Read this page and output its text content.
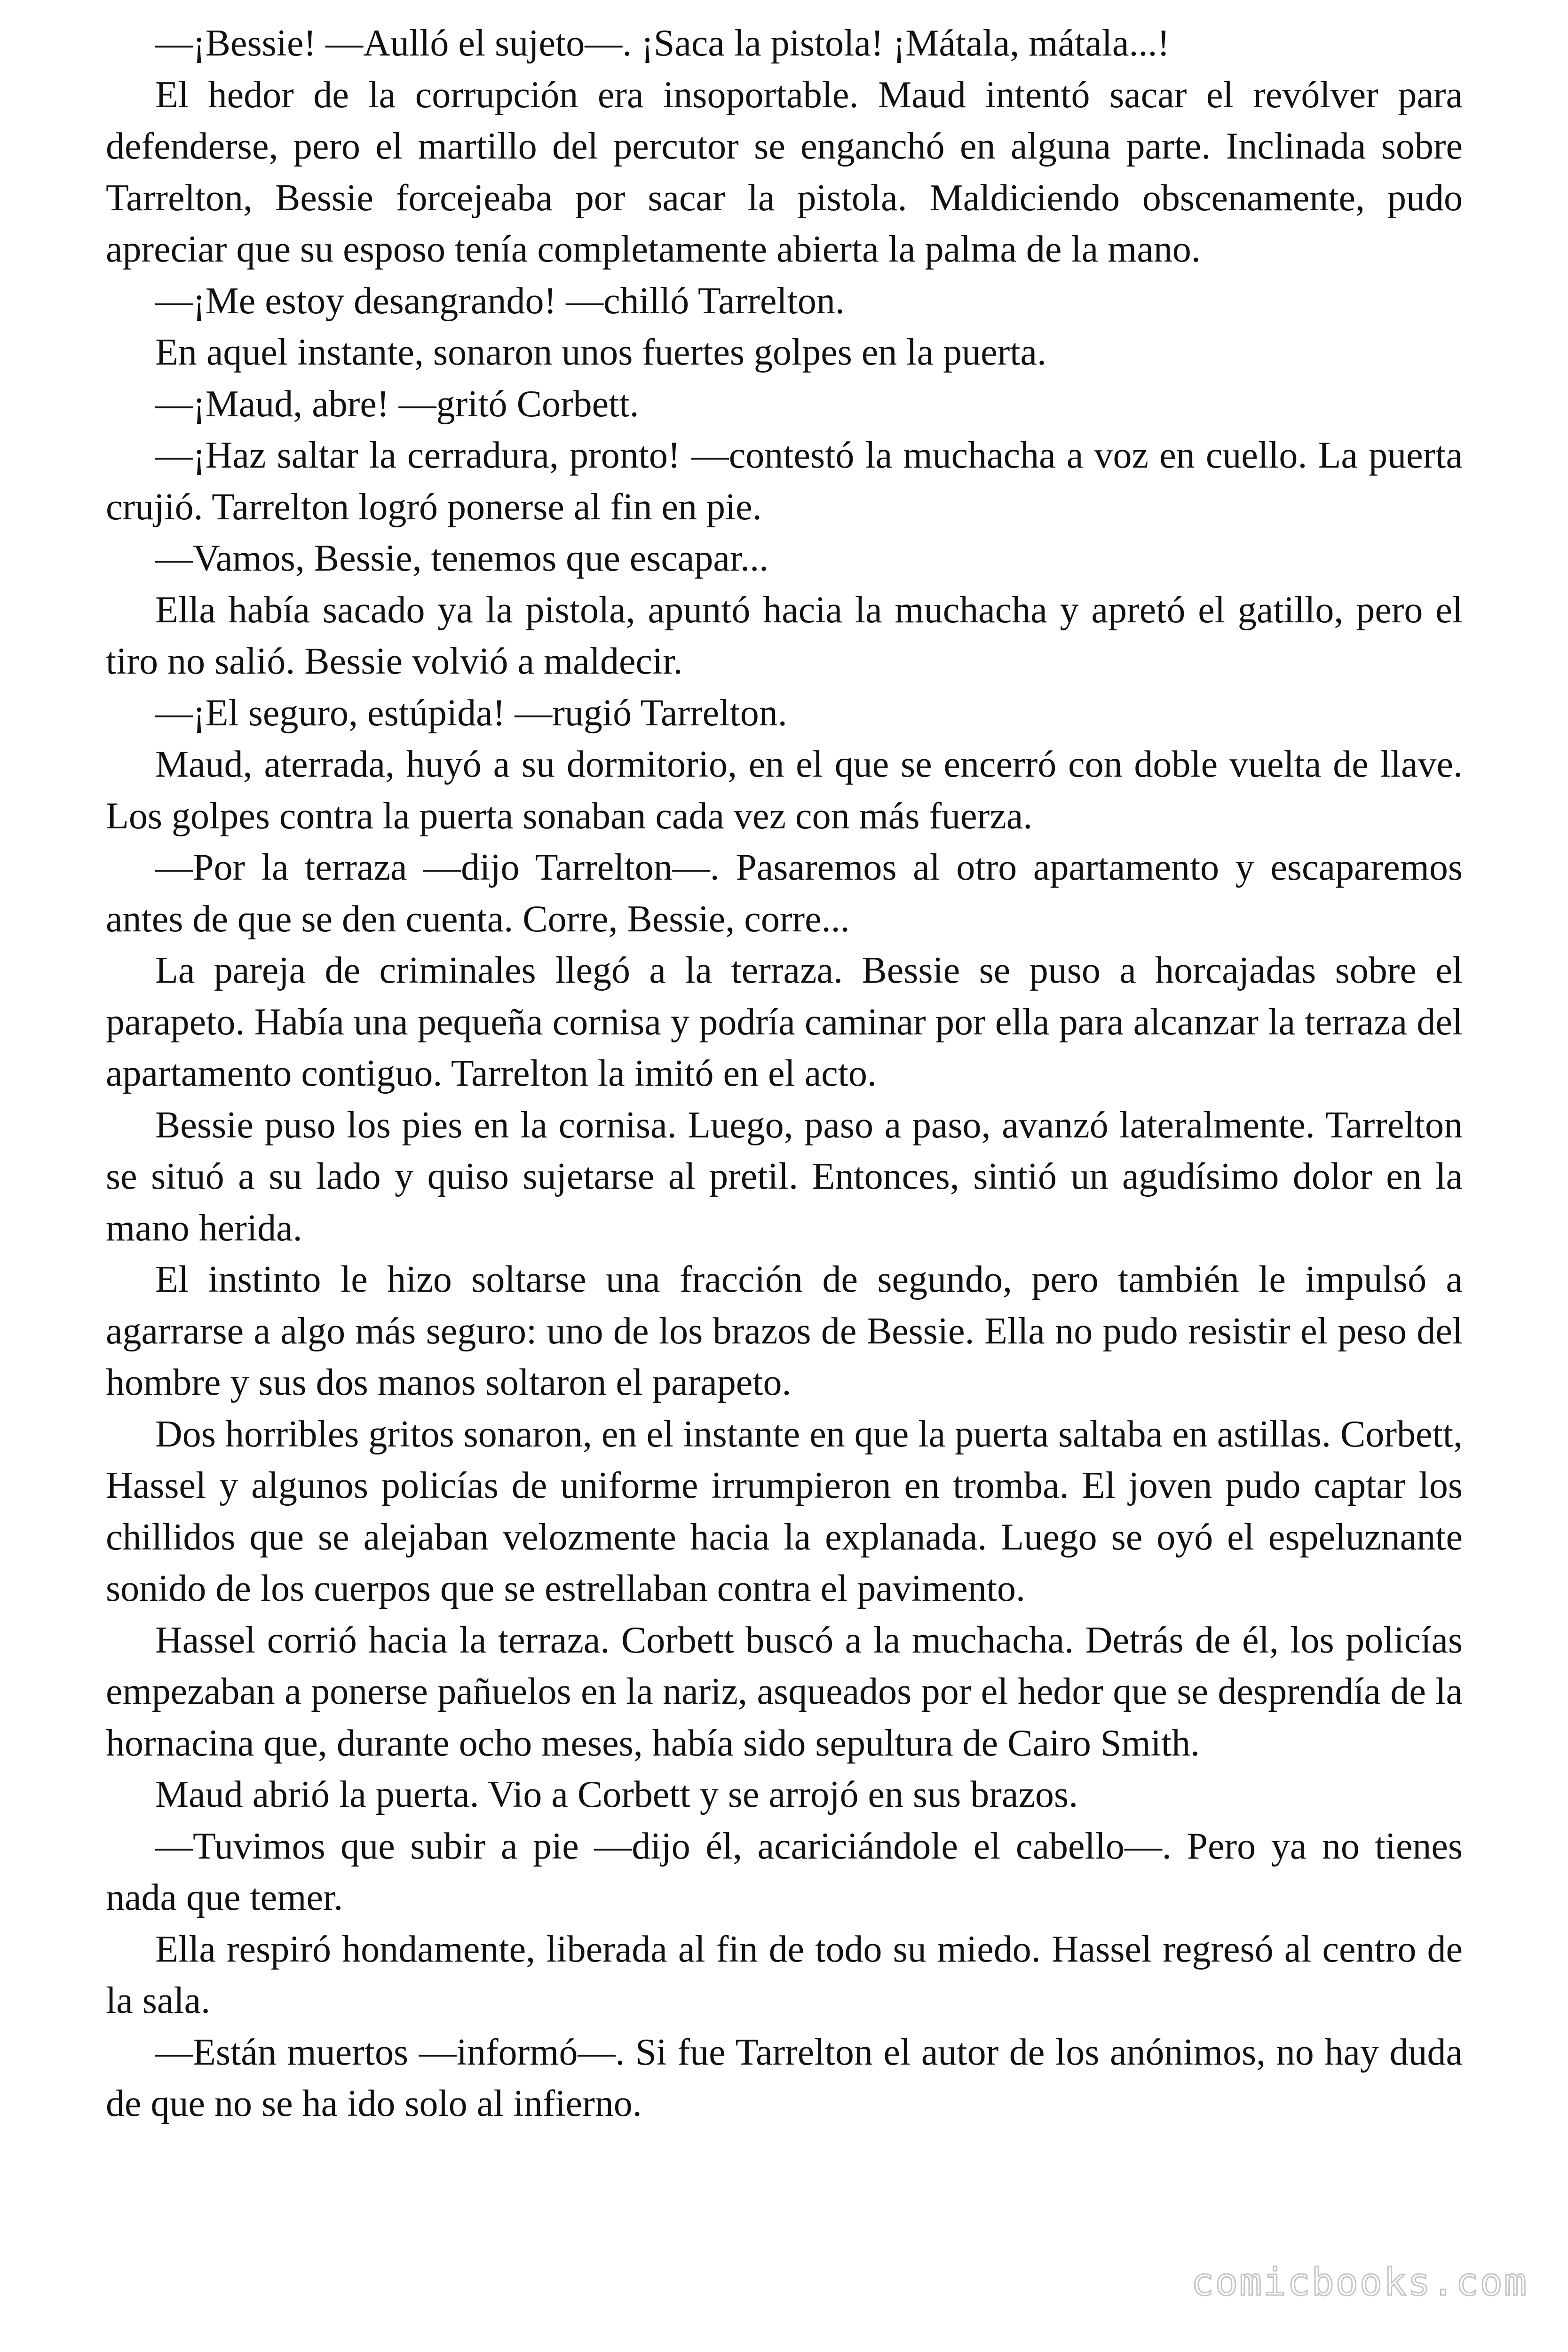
—¡Bessie! —Aulló el sujeto—. ¡Saca la pistola! ¡Mátala, mátala...!

El hedor de la corrupción era insoportable. Maud intentó sacar el revólver para defenderse, pero el martillo del percutor se enganchó en alguna parte. Inclinada sobre Tarrelton, Bessie forcejeaba por sacar la pistola. Maldiciendo obscenamente, pudo apreciar que su esposo tenía completamente abierta la palma de la mano.

—¡Me estoy desangrando! —chilló Tarrelton.

En aquel instante, sonaron unos fuertes golpes en la puerta.

—¡Maud, abre! —gritó Corbett.

—¡Haz saltar la cerradura, pronto! —contestó la muchacha a voz en cuello. La puerta crujió. Tarrelton logró ponerse al fin en pie.

—Vamos, Bessie, tenemos que escapar...

Ella había sacado ya la pistola, apuntó hacia la muchacha y apretó el gatillo, pero el tiro no salió. Bessie volvió a maldecir.

—¡El seguro, estúpida! —rugió Tarrelton.

Maud, aterrada, huyó a su dormitorio, en el que se encerró con doble vuelta de llave. Los golpes contra la puerta sonaban cada vez con más fuerza.

—Por la terraza —dijo Tarrelton—. Pasaremos al otro apartamento y escaparemos antes de que se den cuenta. Corre, Bessie, corre...

La pareja de criminales llegó a la terraza. Bessie se puso a horcajadas sobre el parapeto. Había una pequeña cornisa y podría caminar por ella para alcanzar la terraza del apartamento contiguo. Tarrelton la imitó en el acto.

Bessie puso los pies en la cornisa. Luego, paso a paso, avanzó lateralmente. Tarrelton se situó a su lado y quiso sujetarse al pretil. Entonces, sintió un agudísimo dolor en la mano herida.

El instinto le hizo soltarse una fracción de segundo, pero también le impulsó a agarrarse a algo más seguro: uno de los brazos de Bessie. Ella no pudo resistir el peso del hombre y sus dos manos soltaron el parapeto.

Dos horribles gritos sonaron, en el instante en que la puerta saltaba en astillas. Corbett, Hassel y algunos policías de uniforme irrumpieron en tromba. El joven pudo captar los chillidos que se alejaban velozmente hacia la explanada. Luego se oyó el espeluznante sonido de los cuerpos que se estrellaban contra el pavimento.

Hassel corrió hacia la terraza. Corbett buscó a la muchacha. Detrás de él, los policías empezaban a ponerse pañuelos en la nariz, asqueados por el hedor que se desprendía de la hornacina que, durante ocho meses, había sido sepultura de Cairo Smith.

Maud abrió la puerta. Vio a Corbett y se arrojó en sus brazos.

—Tuvimos que subir a pie —dijo él, acariciándole el cabello—. Pero ya no tienes nada que temer.

Ella respiró hondamente, liberada al fin de todo su miedo. Hassel regresó al centro de la sala.

—Están muertos —informó—. Si fue Tarrelton el autor de los anónimos, no hay duda de que no se ha ido solo al infierno.

comicbooks.com
